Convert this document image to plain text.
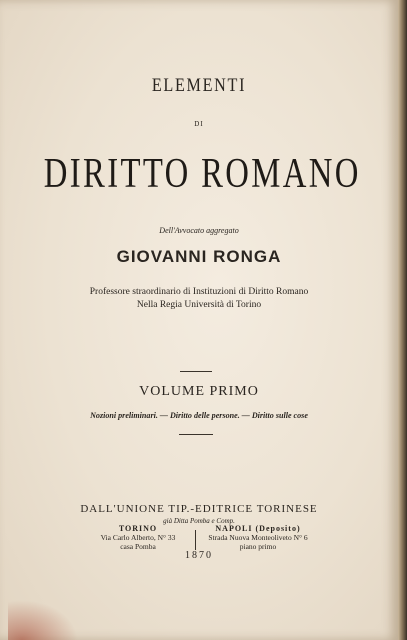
ELEMENTI
DI
DIRITTO ROMANO
Dell'Avvocato aggregato
GIOVANNI RONGA
Professore straordinario di Instituzioni di Diritto Romano
Nella Regia Università di Torino
VOLUME PRIMO
Nozioni preliminari. — Diritto delle persone. — Diritto sulle cose
DALL'UNIONE TIP.-EDITRICE TORINESE
già Ditta Pomba e Comp.
TORINO
Via Carlo Alberto, N° 33
casa Pomba
NAPOLI (Deposito)
Strada Nuova Monteoliveto N° 6
piano primo
1870
